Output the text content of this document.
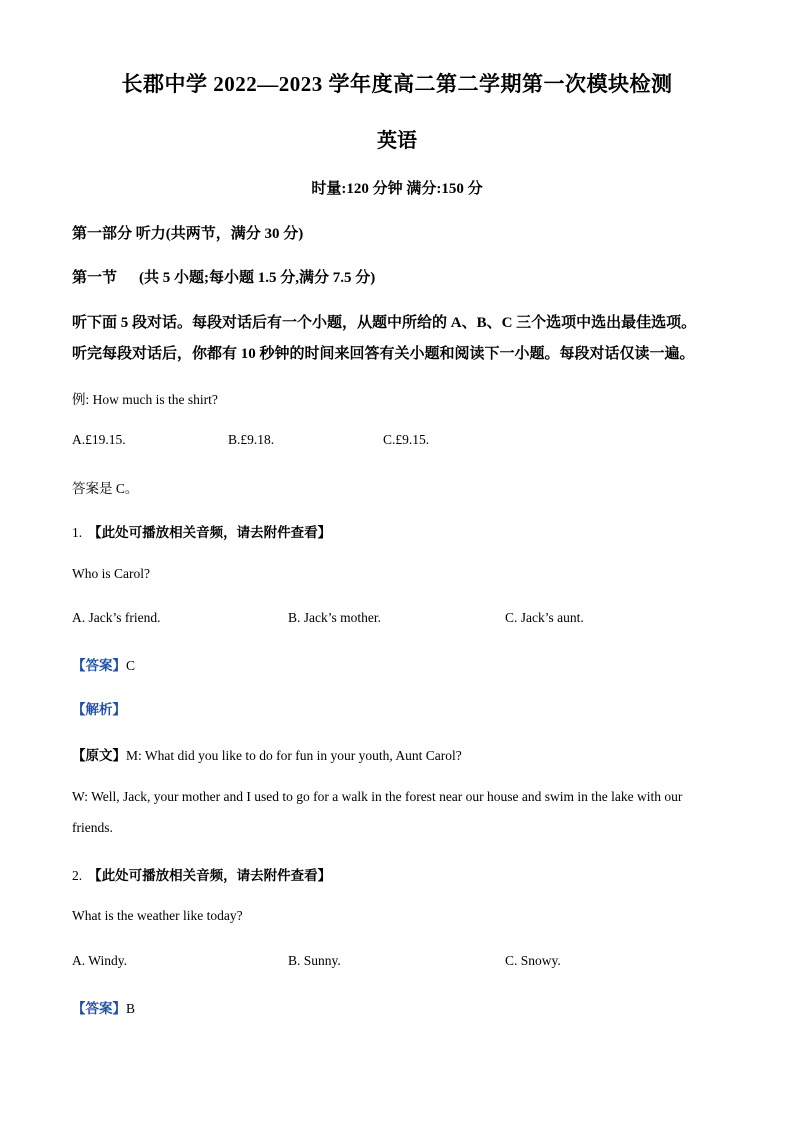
长郡中学 2022—2023 学年度高二第二学期第一次模块检测
英语
时量:120 分钟 满分:150 分
第一部分 听力(共两节，满分 30 分)
第一节 (共 5 小题;每小题 1.5 分,满分 7.5 分)
听下面 5 段对话。每段对话后有一个小题，从题中所给的 A、B、C 三个选项中选出最佳选项。
听完每段对话后，你都有 10 秒钟的时间来回答有关小题和阅读下一小题。每段对话仅读一遍。
例: How much is the shirt?
A.£19.15.	B.£9.18.	C.£9.15.
答案是 C。
1. 【此处可播放相关音频，请去附件查看】
Who is Carol?
A. Jack’s friend.	B. Jack’s mother.	C. Jack’s aunt.
【答案】C
【解析】
【原文】M: What did you like to do for fun in your youth, Aunt Carol?
W: Well, Jack, your mother and I used to go for a walk in the forest near our house and swim in the lake with our friends.
2. 【此处可播放相关音频，请去附件查看】
What is the weather like today?
A. Windy.	B. Sunny.	C. Snowy.
【答案】B
